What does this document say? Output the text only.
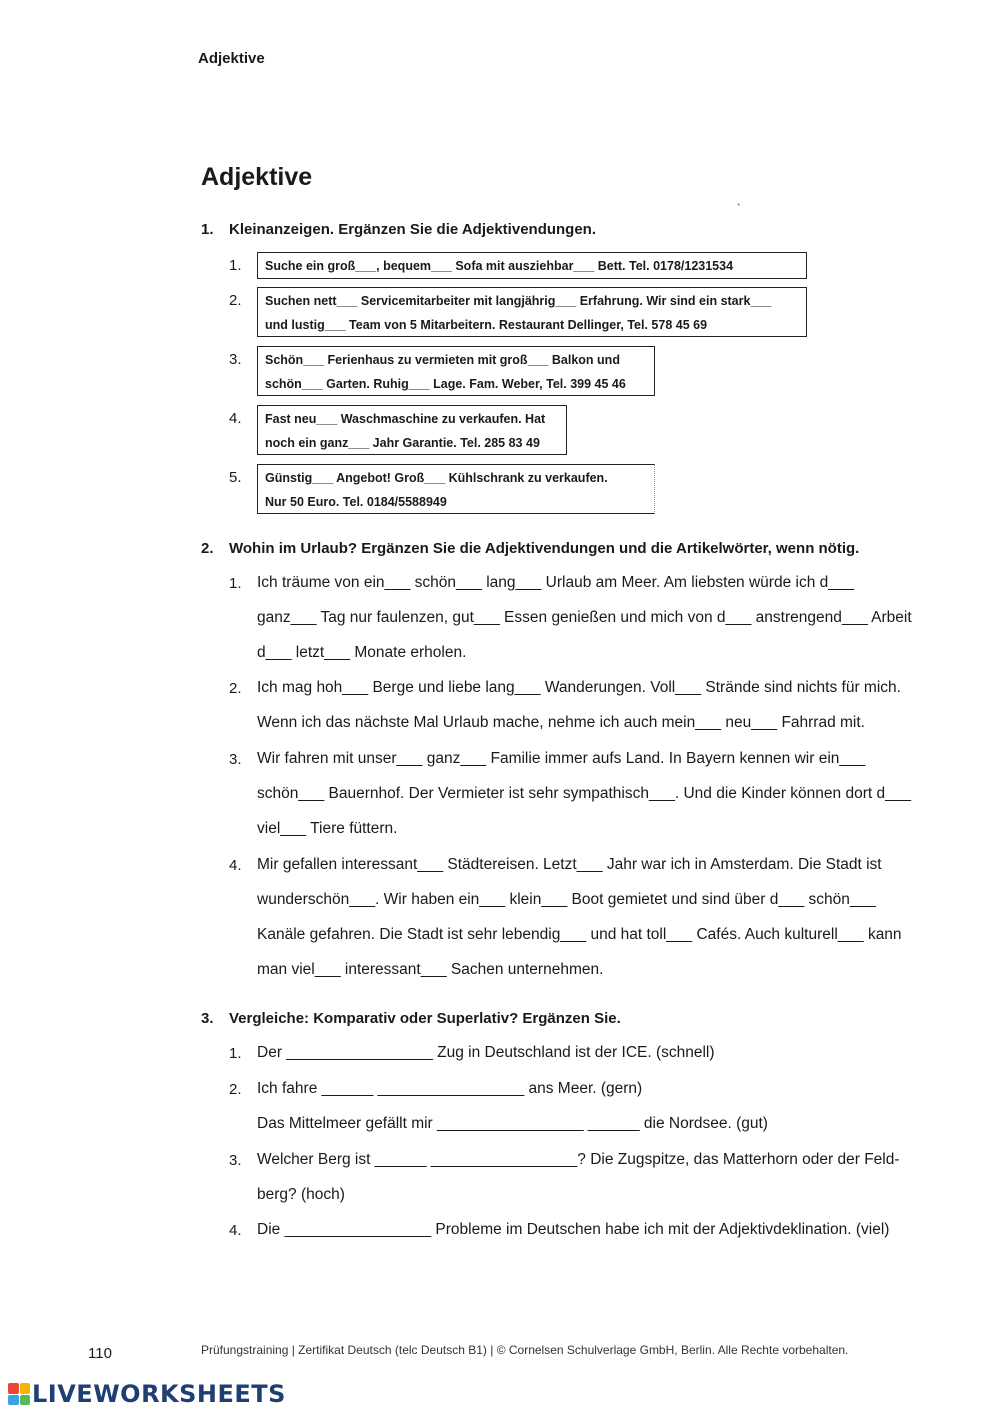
Adjektive
Adjektive
ˎ
1. Kleinanzeigen. Ergänzen Sie die Adjektivendungen.
1. Suche ein groß___, bequem___ Sofa mit ausziehbar___ Bett. Tel. 0178/1231534
2. Suchen nett___ Servicemitarbeiter mit langjährig___ Erfahrung. Wir sind ein stark___
und lustig___ Team von 5 Mitarbeitern. Restaurant Dellinger, Tel. 578 45 69
3. Schön___ Ferienhaus zu vermieten mit groß___ Balkon und
schön___ Garten. Ruhig___ Lage. Fam. Weber, Tel. 399 45 46
4. Fast neu___ Waschmaschine zu verkaufen. Hat
noch ein ganz___ Jahr Garantie. Tel. 285 83 49
5. Günstig___ Angebot! Groß___ Kühlschrank zu verkaufen.
Nur 50 Euro. Tel. 0184/5588949
2. Wohin im Urlaub? Ergänzen Sie die Adjektivendungen und die Artikelwörter, wenn nötig.
1. Ich träume von ein___ schön___ lang___ Urlaub am Meer. Am liebsten würde ich d___
ganz___ Tag nur faulenzen, gut___ Essen genießen und mich von d___ anstrengend___ Arbeit
d___ letzt___ Monate erholen.
2. Ich mag hoh___ Berge und liebe lang___ Wanderungen. Voll___ Strände sind nichts für mich.
Wenn ich das nächste Mal Urlaub mache, nehme ich auch mein___ neu___ Fahrrad mit.
3. Wir fahren mit unser___ ganz___ Familie immer aufs Land. In Bayern kennen wir ein___
schön___ Bauernhof. Der Vermieter ist sehr sympathisch___. Und die Kinder können dort d___
viel___ Tiere füttern.
4. Mir gefallen interessant___ Städtereisen. Letzt___ Jahr war ich in Amsterdam. Die Stadt ist
wunderschön___. Wir haben ein___ klein___ Boot gemietet und sind über d___ schön___
Kanäle gefahren. Die Stadt ist sehr lebendig___ und hat toll___ Cafés. Auch kulturell___ kann
man viel___ interessant___ Sachen unternehmen.
3. Vergleiche: Komparativ oder Superlativ? Ergänzen Sie.
1. Der _________________ Zug in Deutschland ist der ICE. (schnell)
2. Ich fahre ______ _________________ ans Meer. (gern)
Das Mittelmeer gefällt mir _________________ ______ die Nordsee. (gut)
3. Welcher Berg ist ______ _________________? Die Zugspitze, das Matterhorn oder der Feld-
berg? (hoch)
4. Die _________________ Probleme im Deutschen habe ich mit der Adjektivdeklination. (viel)
110	Prüfungstraining | Zertifikat Deutsch (telc Deutsch B1) | © Cornelsen Schulverlage GmbH, Berlin. Alle Rechte vorbehalten.
LIVEWORKSHEETS
